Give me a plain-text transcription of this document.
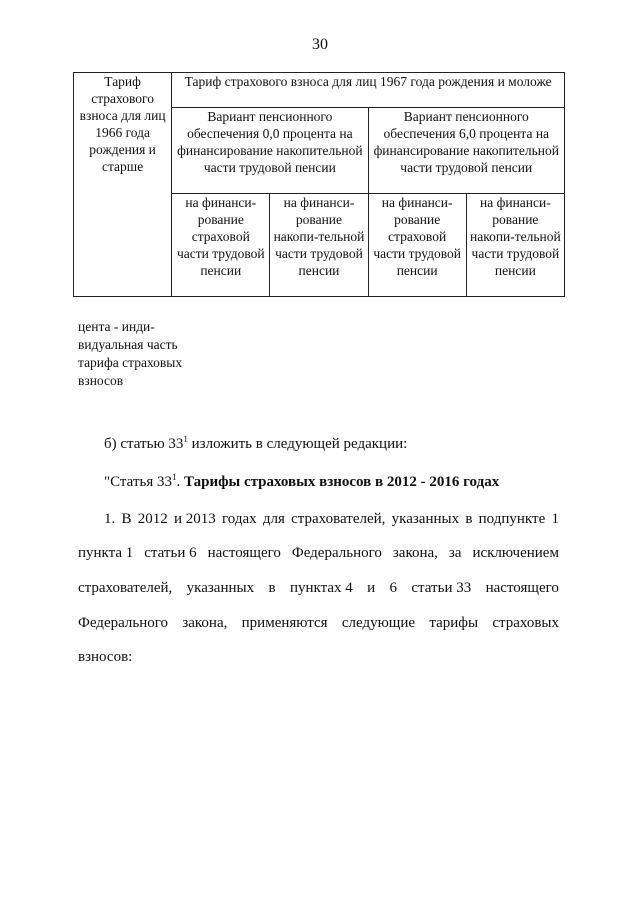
30
Тариф страхового взноса для лиц 1966 года рождения и старше	Тариф страхового взноса для лиц 1967 года рождения и моложе			
	Вариант пенсионного обеспечения 0,0 процента на финансирование накопительной части трудовой пенсии		Вариант пенсионного обеспечения 6,0 процента на финансирование накопительной части трудовой пенсии	
	на финанси-рование страховой части трудовой пенсии	на финанси-рование накопи-тельной части трудовой пенсии	на финанси-рование страховой части трудовой пенсии	на финанси-рование накопи-тельной части трудовой пенсии
цента - инди-видуальная часть тарифа страховых взносов
б) статью $33^1$ изложить в следующей редакции:
"Статья $33^1$. Тарифы страховых взносов в 2012 - 2016 годах
1. В 2012 и 2013 годах для страхователей, указанных в подпункте 1
пункта 1 статьи 6 настоящего Федерального закона, за исключением
страхователей, указанных в пунктах 4 и 6 статьи 33 настоящего
Федерального закона, применяются следующие тарифы страховых
взносов:
